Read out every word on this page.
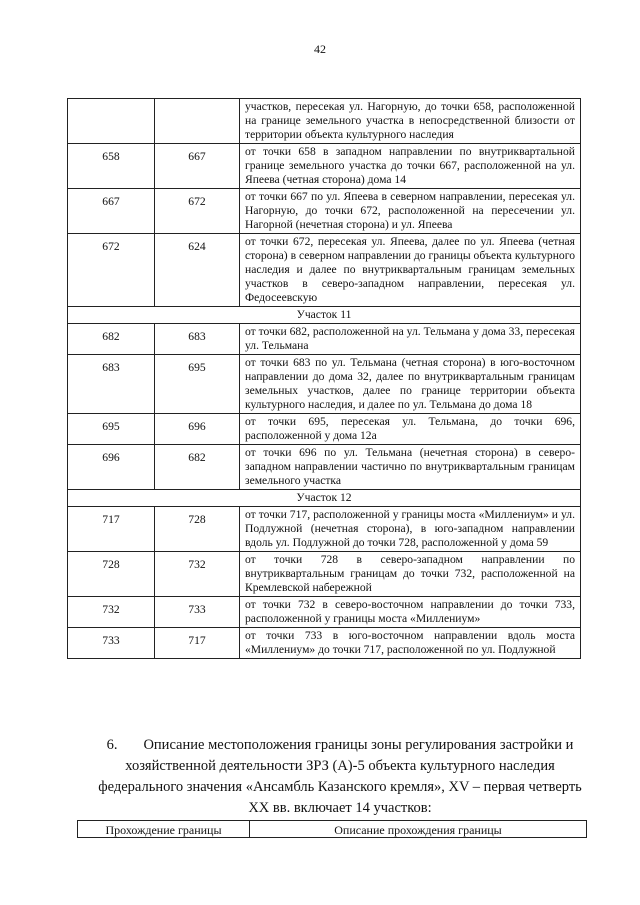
42
		участков, пересекая ул. Нагорную, до точки 658, расположенной на границе земельного участка в непосредственной близости от территории объекта культурного наследия
658	667	от точки 658 в западном направлении по внутриквартальной границе земельного участка до точки 667, расположенной на ул. Япеева (четная сторона) дома 14
667	672	от точки 667 по ул. Япеева в северном направлении, пересекая ул. Нагорную, до точки 672, расположенной на пересечении ул. Нагорной (нечетная сторона) и ул. Япеева
672	624	от точки 672, пересекая ул. Япеева, далее по ул. Япеева (четная сторона) в северном направлении до границы объекта культурного наследия и далее по внутриквартальным границам земельных участков в северо-западном направлении, пересекая ул. Федосеевскую
Участок 11		
682	683	от точки 682, расположенной на ул. Тельмана у дома 33, пересекая ул. Тельмана
683	695	от точки 683 по ул. Тельмана (четная сторона) в юго-восточном направлении до дома 32, далее по внутриквартальным границам земельных участков, далее по границе территории объекта культурного наследия, и далее по ул. Тельмана до дома 18
695	696	от точки 695, пересекая ул. Тельмана, до точки 696, расположенной у дома 12а
696	682	от точки 696 по ул. Тельмана (нечетная сторона) в северо-западном направлении частично по внутриквартальным границам земельного участка
Участок 12		
717	728	от точки 717, расположенной у границы моста «Миллениум» и ул. Подлужной (нечетная сторона), в юго-западном направлении вдоль ул. Подлужной до точки 728, расположенной у дома 59
728	732	от точки 728 в северо-западном направлении по внутриквартальным границам до точки 732, расположенной на Кремлевской набережной
732	733	от точки 732 в северо-восточном направлении до точки 733, расположенной у границы моста «Миллениум»
733	717	от точки 733 в юго-восточном направлении вдоль моста «Миллениум» до точки 717, расположенной по ул. Подлужной
6. Описание местоположения границы зоны регулирования застройки и хозяйственной деятельности ЗРЗ (А)-5 объекта культурного наследия федерального значения «Ансамбль Казанского кремля», XV – первая четверть XX вв. включает 14 участков:
Прохождение границы	Описание прохождения границы
